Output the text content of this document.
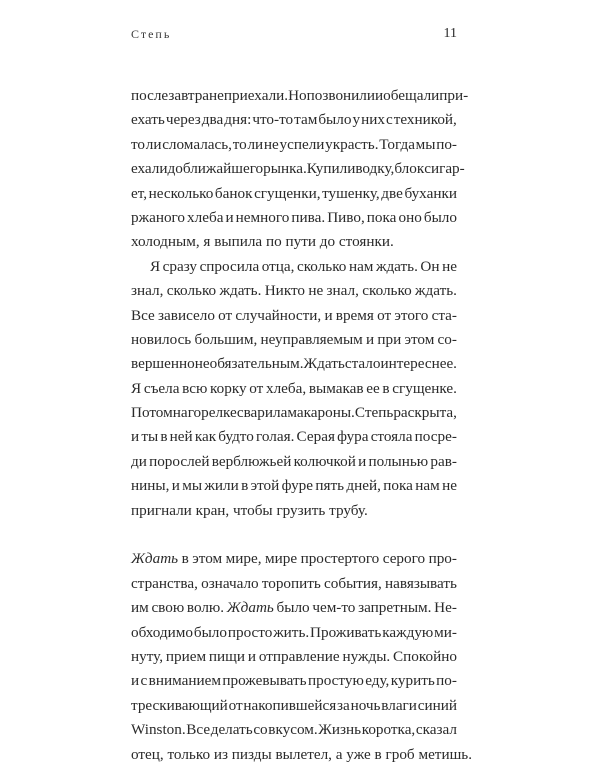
Степь	11
послезавтра не приехали. Но позвонили и обещали при-
ехать через два дня: что-то там было у них с техникой,
то ли сломалась, то ли не успели украсть. Тогда мы по-
ехали до ближайшего рынка. Купили водку, блок сигар-
ет, несколько банок сгущенки, тушенку, две буханки
ржаного хлеба и немного пива. Пиво, пока оно было
холодным, я выпила по пути до стоянки.
Я сразу спросила отца, сколько нам ждать. Он не
знал, сколько ждать. Никто не знал, сколько ждать.
Все зависело от случайности, и время от этого ста-
новилось большим, неуправляемым и при этом со-
вершенно необязательным. Ждать стало интереснее.
Я съела всю корку от хлеба, вымакав ее в сгущенке.
Потом на горелке сварила макароны. Степь раскрыта,
и ты в ней как будто голая. Серая фура стояла посре-
ди порослей верблюжьей колючкой и полынью рав-
нины, и мы жили в этой фуре пять дней, пока нам не
пригнали кран, чтобы грузить трубу.
Ждать в этом мире, мире простертого серого про-
странства, означало торопить события, навязывать
им свою волю. Ждать было чем-то запретным. Не-
обходимо было просто жить. Проживать каждую ми-
нуту, прием пищи и отправление нужды. Спокойно
и с вниманием прожевывать простую еду, курить по-
трескивающий от накопившейся за ночь влаги синий
Winston. Все делать со вкусом. Жизнь коротка, сказал
отец, только из пизды вылетел, а уже в гроб метишь.
